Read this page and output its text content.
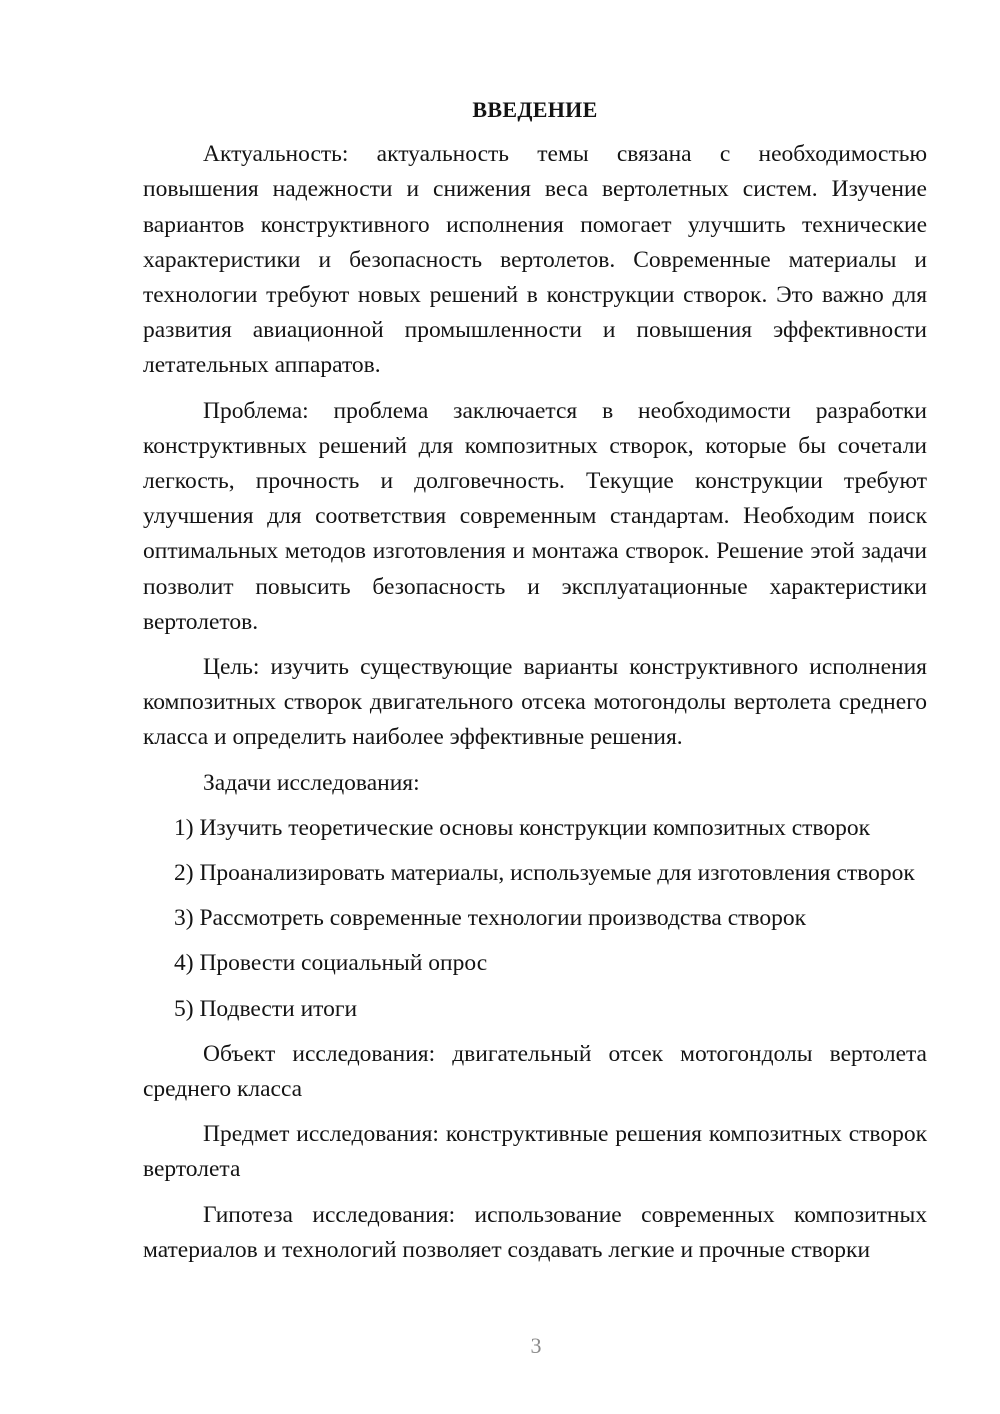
ВВЕДЕНИЕ

Актуальность: актуальность темы связана с необходимостью повышения надежности и снижения веса вертолетных систем. Изучение вариантов конструктивного исполнения помогает улучшить технические характеристики и безопасность вертолетов. Современные материалы и технологии требуют новых решений в конструкции створок. Это важно для развития авиационной промышленности и повышения эффективности летательных аппаратов.

Проблема: проблема заключается в необходимости разработки конструктивных решений для композитных створок, которые бы сочетали легкость, прочность и долговечность. Текущие конструкции требуют улучшения для соответствия современным стандартам. Необходим поиск оптимальных методов изготовления и монтажа створок. Решение этой задачи позволит повысить безопасность и эксплуатационные характеристики вертолетов.

Цель: изучить существующие варианты конструктивного исполнения композитных створок двигательного отсека мотогондолы вертолета среднего класса и определить наиболее эффективные решения.

Задачи исследования:

1) Изучить теоретические основы конструкции композитных створок

2) Проанализировать материалы, используемые для изготовления створок

3) Рассмотреть современные технологии производства створок

4) Провести социальный опрос

5) Подвести итоги

Объект исследования: двигательный отсек мотогондолы вертолета среднего класса

Предмет исследования: конструктивные решения композитных створок вертолета

Гипотеза исследования: использование современных композитных материалов и технологий позволяет создавать легкие и прочные створки

3
